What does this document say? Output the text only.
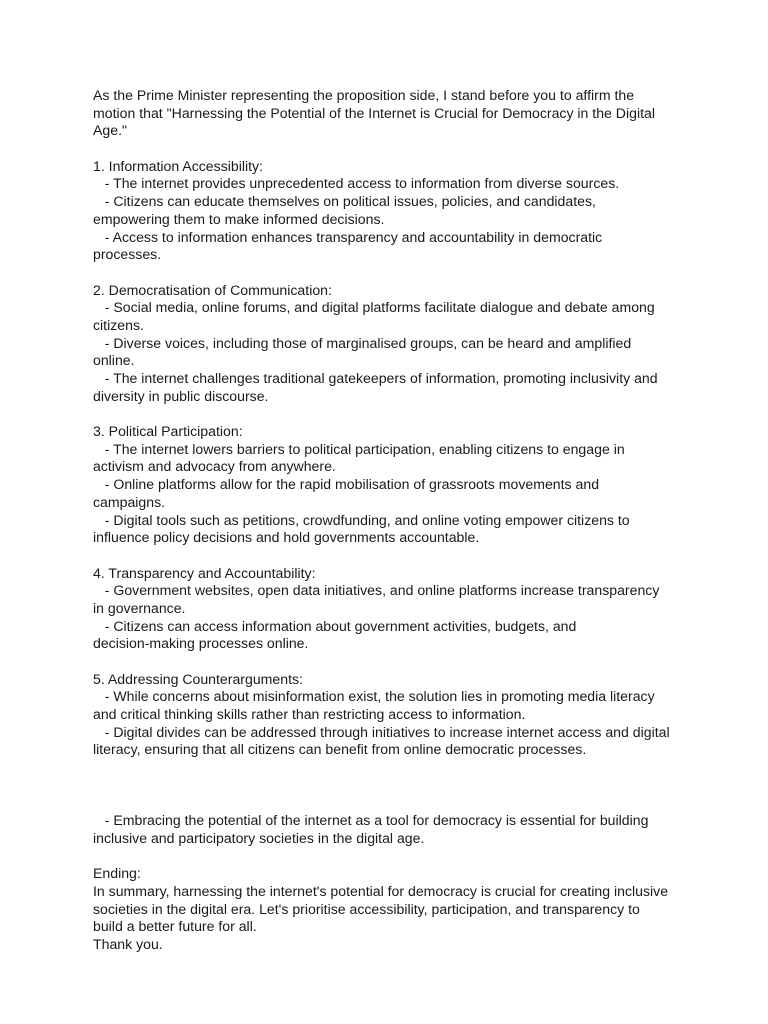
As the Prime Minister representing the proposition side, I stand before you to affirm the

motion that "Harnessing the Potential of the Internet is Crucial for Democracy in the Digital

Age."

1. Information Accessibility:

- The internet provides unprecedented access to information from diverse sources.

- Citizens can educate themselves on political issues, policies, and candidates,

empowering them to make informed decisions.

- Access to information enhances transparency and accountability in democratic

processes.

2. Democratisation of Communication:

- Social media, online forums, and digital platforms facilitate dialogue and debate among

citizens.

- Diverse voices, including those of marginalised groups, can be heard and amplified

online.

- The internet challenges traditional gatekeepers of information, promoting inclusivity and

diversity in public discourse.

3. Political Participation:

- The internet lowers barriers to political participation, enabling citizens to engage in

activism and advocacy from anywhere.

- Online platforms allow for the rapid mobilisation of grassroots movements and

campaigns.

- Digital tools such as petitions, crowdfunding, and online voting empower citizens to

influence policy decisions and hold governments accountable.

4. Transparency and Accountability:

- Government websites, open data initiatives, and online platforms increase transparency

in governance.

- Citizens can access information about government activities, budgets, and

decision-making processes online.

5. Addressing Counterarguments:

- While concerns about misinformation exist, the solution lies in promoting media literacy

and critical thinking skills rather than restricting access to information.

- Digital divides can be addressed through initiatives to increase internet access and digital

literacy, ensuring that all citizens can benefit from online democratic processes.

- Embracing the potential of the internet as a tool for democracy is essential for building

inclusive and participatory societies in the digital age.

Ending:

In summary, harnessing the internet's potential for democracy is crucial for creating inclusive

societies in the digital era. Let's prioritise accessibility, participation, and transparency to

build a better future for all.

Thank you.
